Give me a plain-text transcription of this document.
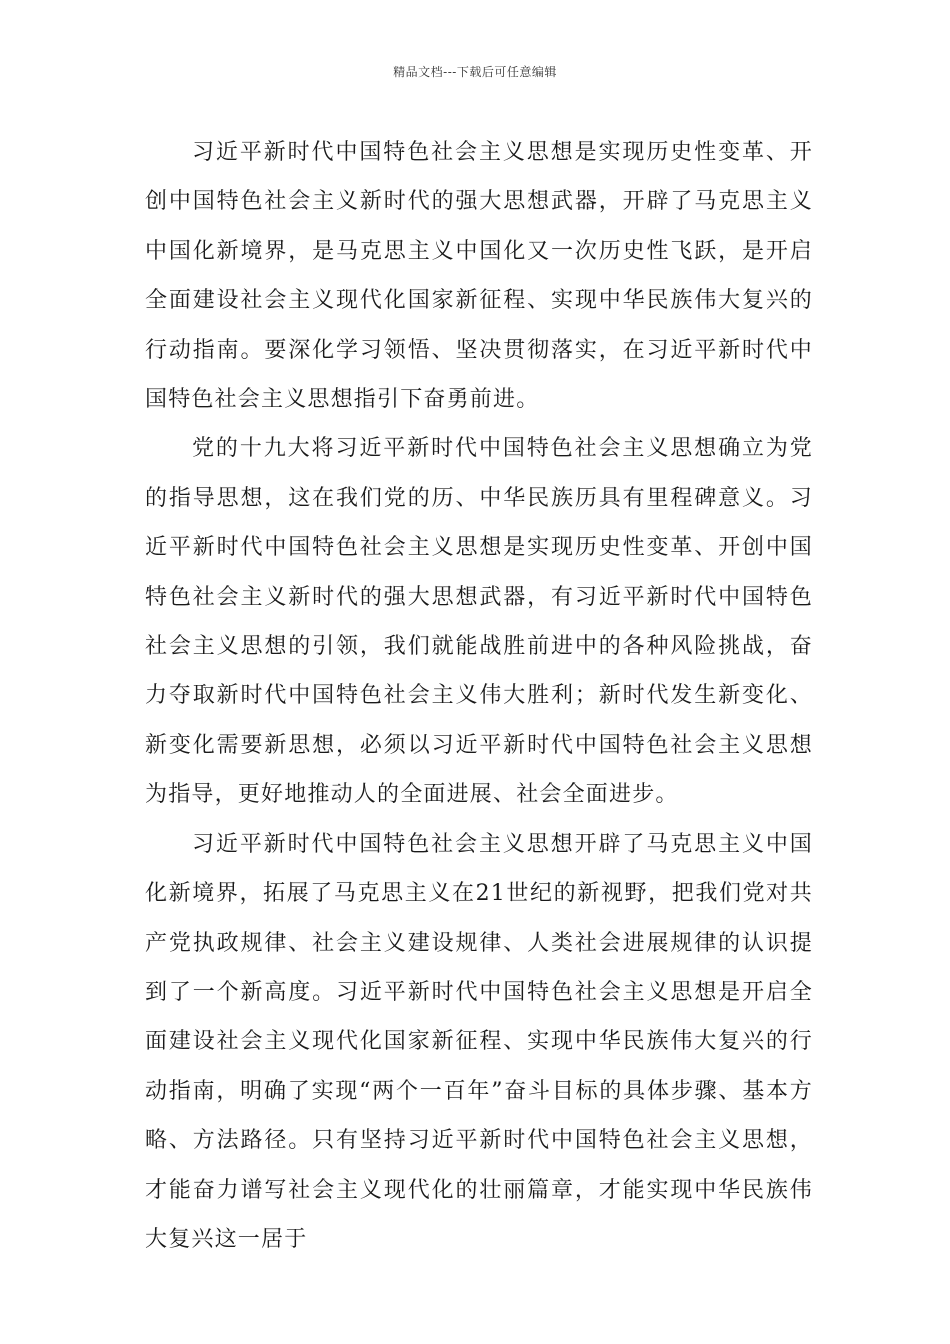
精品文档---下载后可任意编辑

习近平新时代中国特色社会主义思想是实现历史性变革、开创中国特色社会主义新时代的强大思想武器，开辟了马克思主义中国化新境界，是马克思主义中国化又一次历史性飞跃，是开启全面建设社会主义现代化国家新征程、实现中华民族伟大复兴的行动指南。要深化学习领悟、坚决贯彻落实，在习近平新时代中国特色社会主义思想指引下奋勇前进。

党的十九大将习近平新时代中国特色社会主义思想确立为党的指导思想，这在我们党的历、中华民族历具有里程碑意义。习近平新时代中国特色社会主义思想是实现历史性变革、开创中国特色社会主义新时代的强大思想武器，有习近平新时代中国特色社会主义思想的引领，我们就能战胜前进中的各种风险挑战，奋力夺取新时代中国特色社会主义伟大胜利；新时代发生新变化、新变化需要新思想，必须以习近平新时代中国特色社会主义思想为指导，更好地推动人的全面进展、社会全面进步。

习近平新时代中国特色社会主义思想开辟了马克思主义中国化新境界，拓展了马克思主义在21世纪的新视野，把我们党对共产党执政规律、社会主义建设规律、人类社会进展规律的认识提到了一个新高度。习近平新时代中国特色社会主义思想是开启全面建设社会主义现代化国家新征程、实现中华民族伟大复兴的行动指南，明确了实现“两个一百年”奋斗目标的具体步骤、基本方略、方法路径。只有坚持习近平新时代中国特色社会主义思想，才能奋力谱写社会主义现代化的壮丽篇章，才能实现中华民族伟大复兴这一居于
